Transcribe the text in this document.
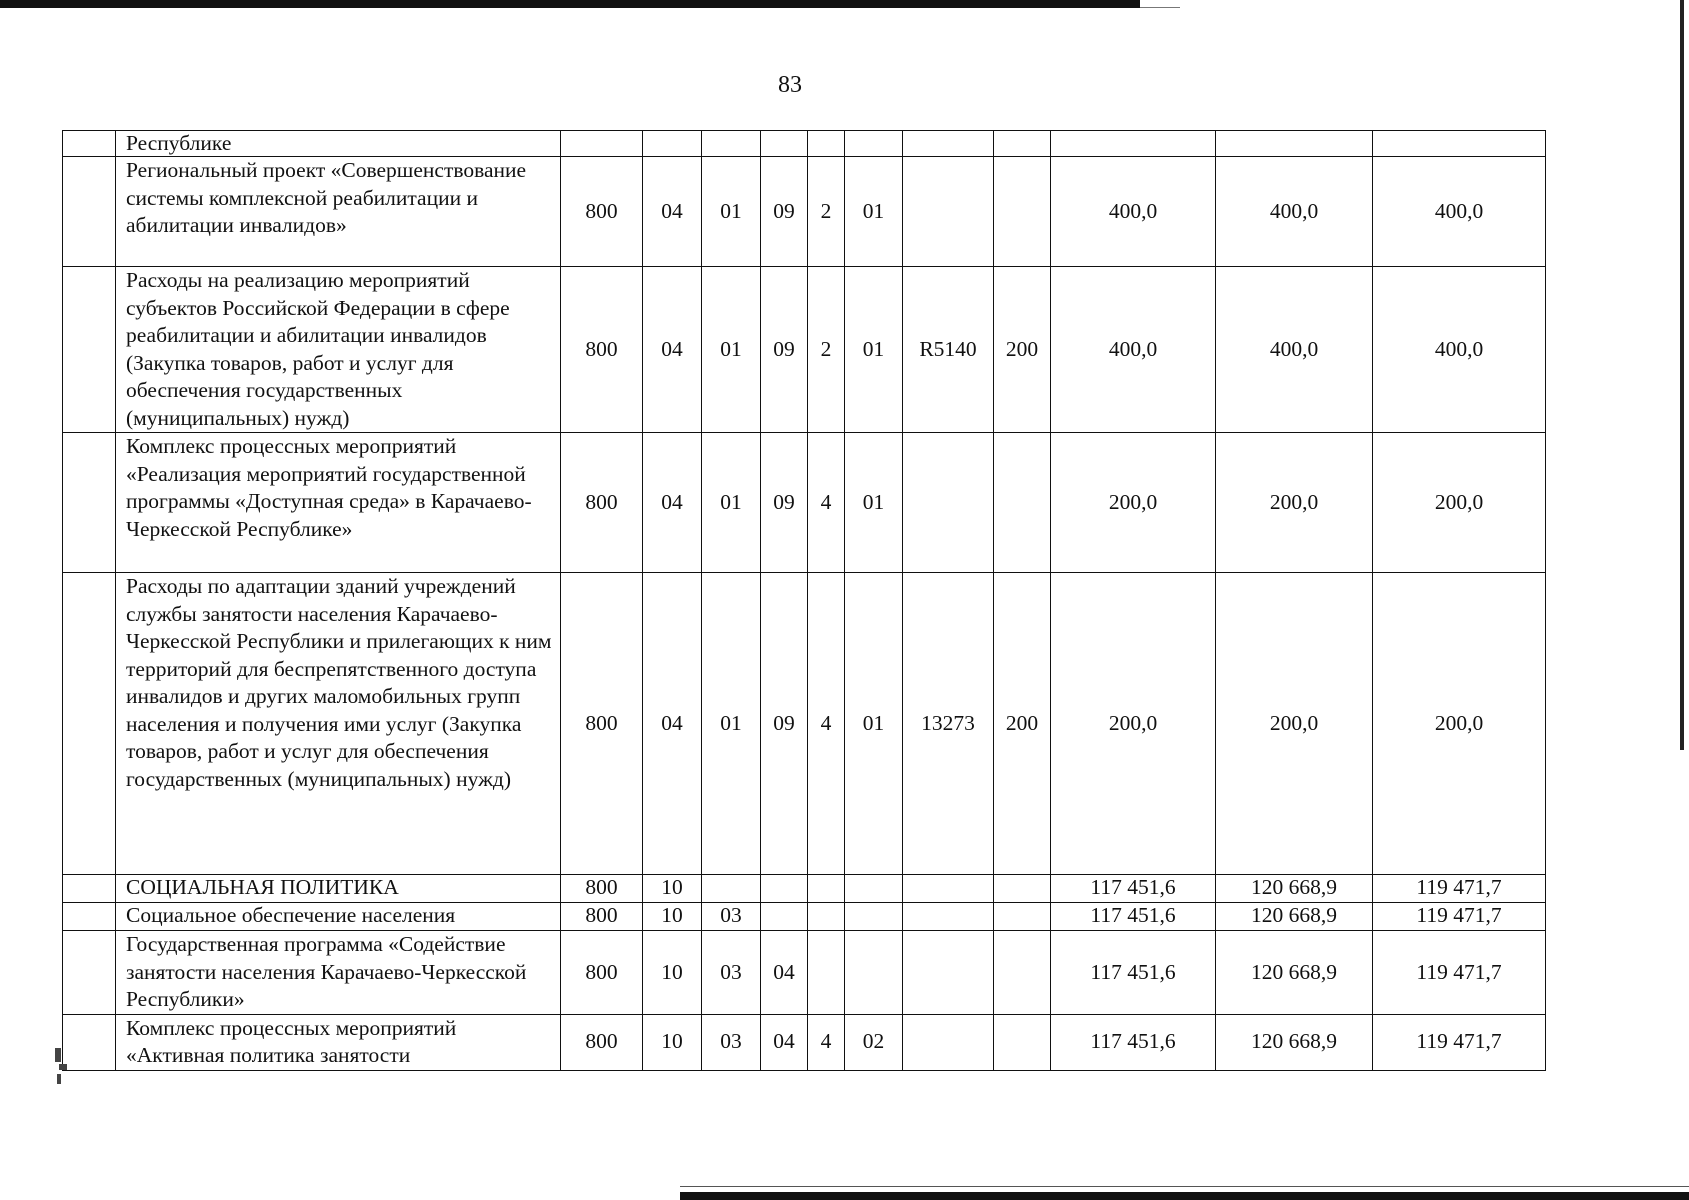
83
	Республике											
	Региональный проект «Совершенствование системы комплексной реабилитации и абилитации инвалидов»	800	04	01	09	2	01			400,0	400,0	400,0
	Расходы на реализацию мероприятий субъектов Российской Федерации в сфере реабилитации и абилитации инвалидов (Закупка товаров, работ и услуг для обеспечения государственных (муниципальных) нужд)	800	04	01	09	2	01	R5140	200	400,0	400,0	400,0
	Комплекс процессных мероприятий «Реализация мероприятий государственной программы «Доступная среда» в Карачаево-Черкесской Республике»	800	04	01	09	4	01			200,0	200,0	200,0
	Расходы по адаптации зданий учреждений службы занятости населения Карачаево-Черкесской Республики и прилегающих к ним территорий для беспрепятственного доступа инвалидов и других маломобильных групп населения и получения ими услуг (Закупка товаров, работ и услуг для обеспечения государственных (муниципальных) нужд)	800	04	01	09	4	01	13273	200	200,0	200,0	200,0
	СОЦИАЛЬНАЯ ПОЛИТИКА	800	10							117 451,6	120 668,9	119 471,7
	Социальное обеспечение населения	800	10	03						117 451,6	120 668,9	119 471,7
	Государственная программа «Содействие занятости населения Карачаево-Черкесской Республики»	800	10	03	04					117 451,6	120 668,9	119 471,7
	Комплекс процессных мероприятий «Активная политика занятости	800	10	03	04	4	02			117 451,6	120 668,9	119 471,7
